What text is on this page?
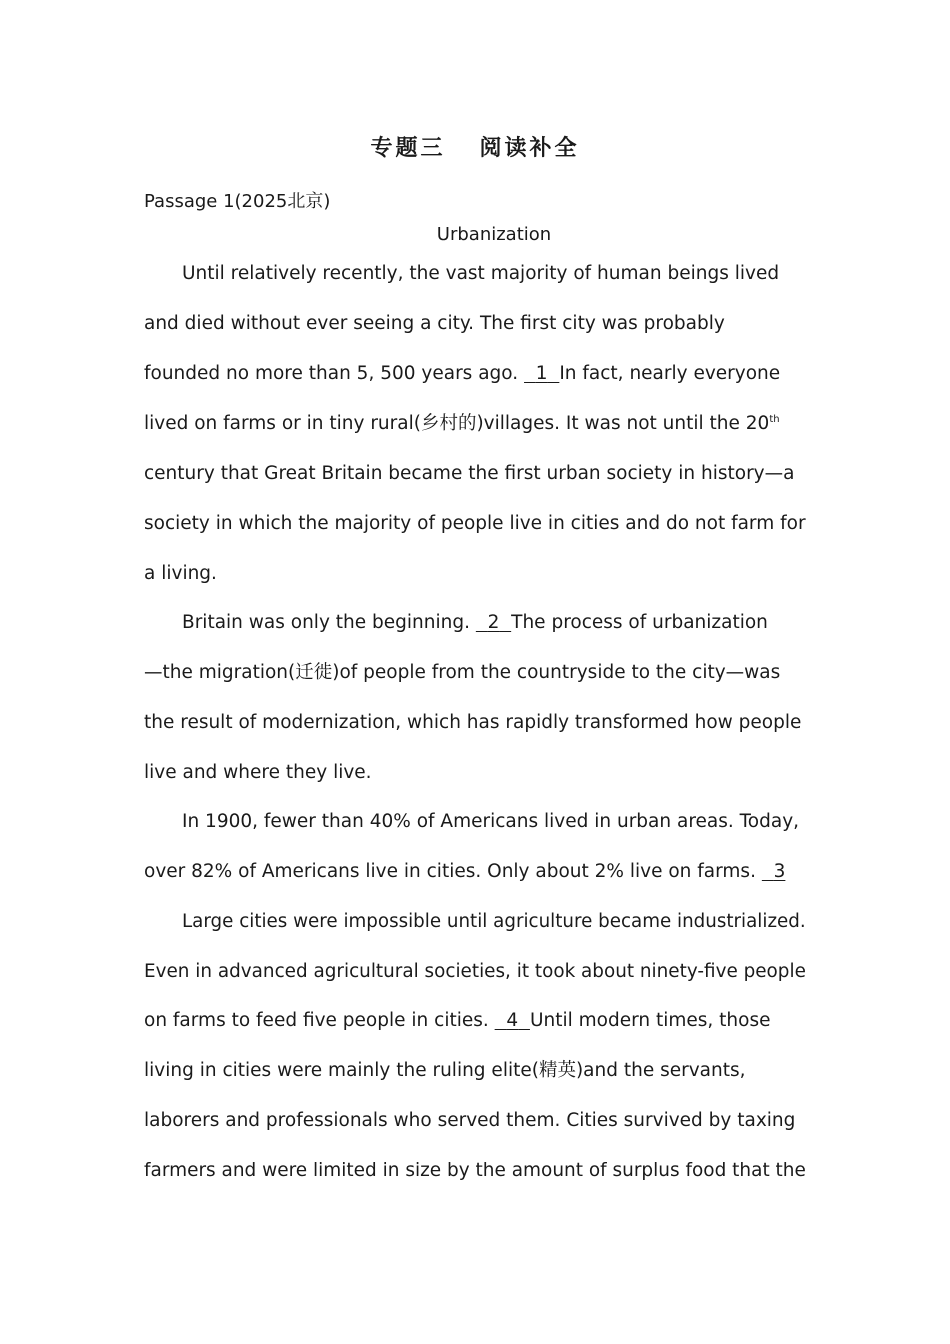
专题三 阅读补全
Passage 1(2025北京)
Urbanization
Until relatively recently, the vast majority of human beings lived
and died without ever seeing a city. The first city was probably
founded no more than 5, 500 years ago.   1 In fact, nearly everyone
lived on farms or in tiny rural(乡村的)villages. It was not until the 20th
century that Great Britain became the first urban society in history—a
society in which the majority of people live in cities and do not farm for
a living.
Britain was only the beginning.   2 The process of urbanization
—the migration(迁徙)of people from the countryside to the city—was
the result of modernization, which has rapidly transformed how people
live and where they live.
In 1900, fewer than 40% of Americans lived in urban areas. Today,
over 82% of Americans live in cities. Only about 2% live on farms.   3
Large cities were impossible until agriculture became industrialized.
Even in advanced agricultural societies, it took about ninety-five people
on farms to feed five people in cities.   4 Until modern times, those
living in cities were mainly the ruling elite(精英)and the servants,
laborers and professionals who served them. Cities survived by taxing
farmers and were limited in size by the amount of surplus food that the
